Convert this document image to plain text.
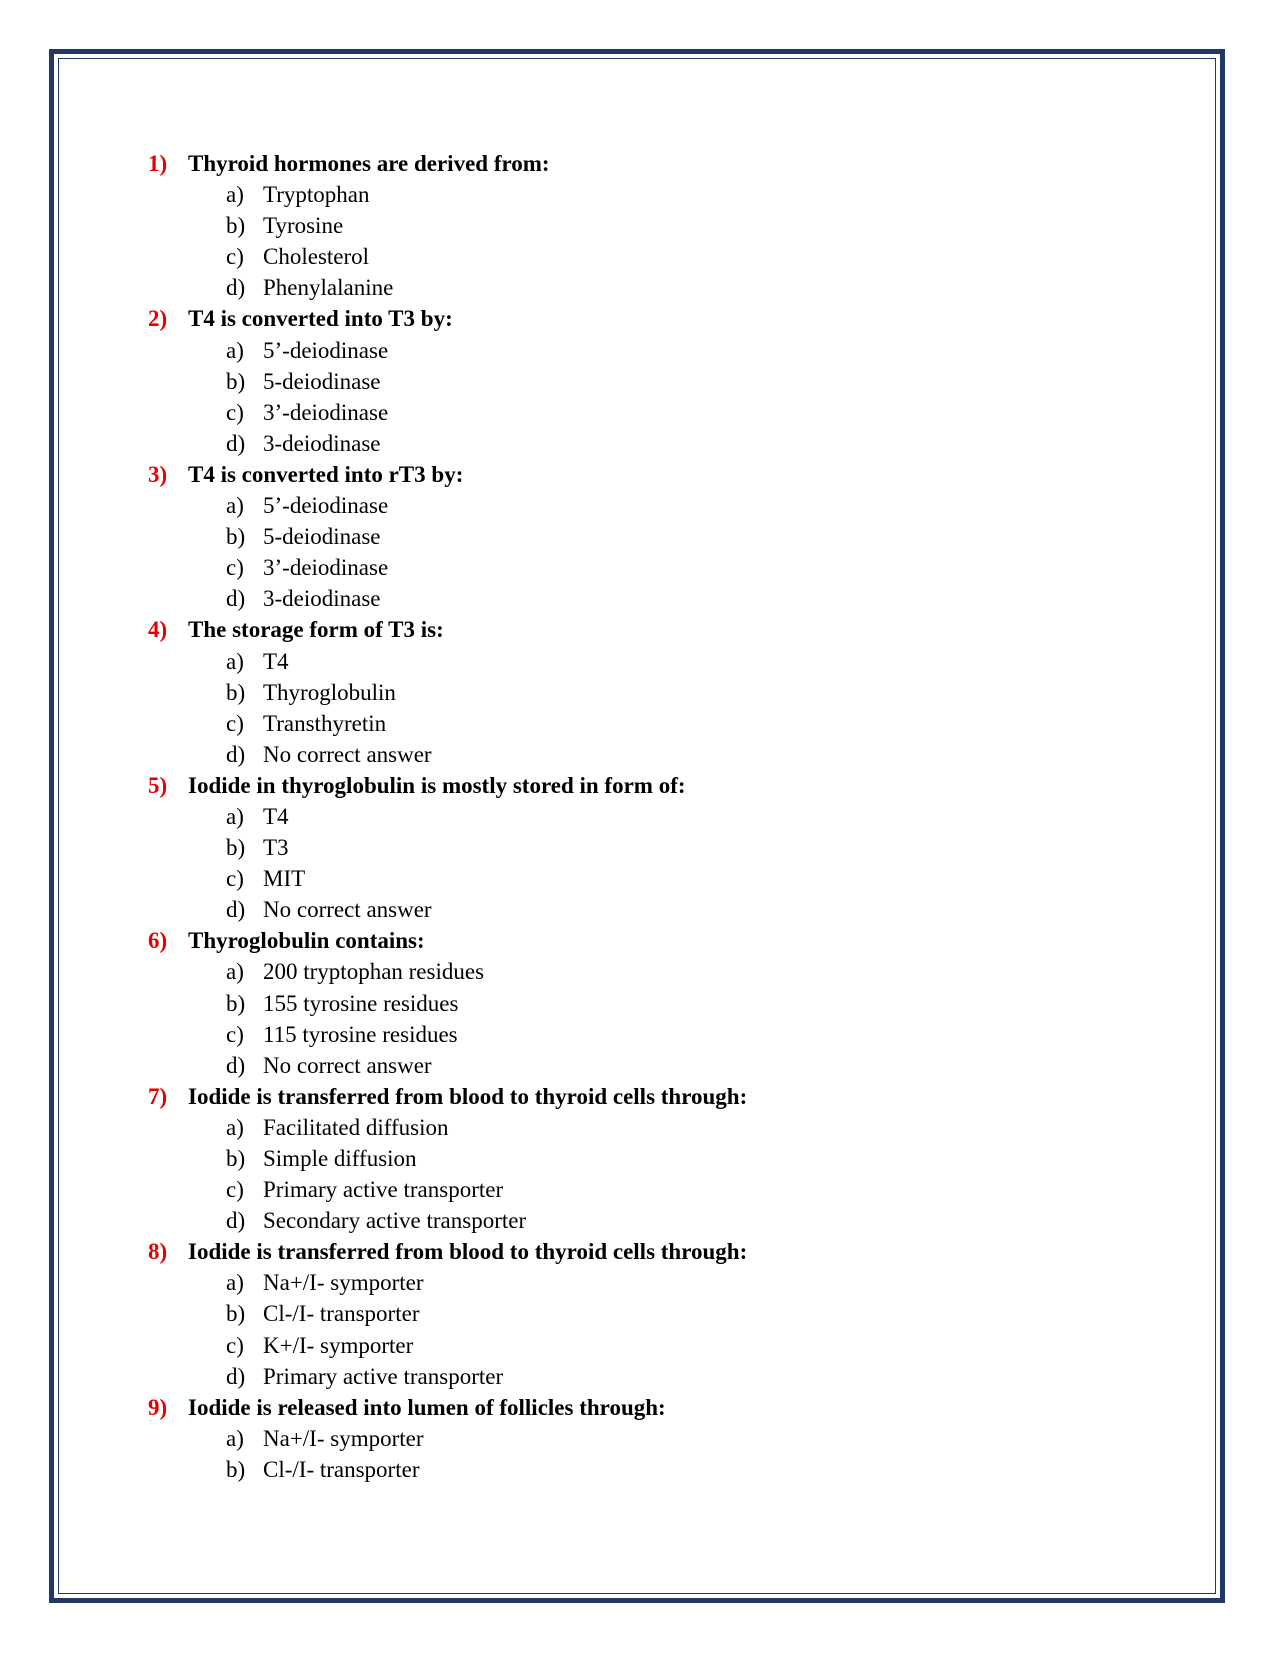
1) Thyroid hormones are derived from:
a) Tryptophan
b) Tyrosine
c) Cholesterol
d) Phenylalanine
2) T4 is converted into T3 by:
a) 5’-deiodinase
b) 5-deiodinase
c) 3’-deiodinase
d) 3-deiodinase
3) T4 is converted into rT3 by:
a) 5’-deiodinase
b) 5-deiodinase
c) 3’-deiodinase
d) 3-deiodinase
4) The storage form of T3 is:
a) T4
b) Thyroglobulin
c) Transthyretin
d) No correct answer
5) Iodide in thyroglobulin is mostly stored in form of:
a) T4
b) T3
c) MIT
d) No correct answer
6) Thyroglobulin contains:
a) 200 tryptophan residues
b) 155 tyrosine residues
c) 115 tyrosine residues
d) No correct answer
7) Iodide is transferred from blood to thyroid cells through:
a) Facilitated diffusion
b) Simple diffusion
c) Primary active transporter
d) Secondary active transporter
8) Iodide is transferred from blood to thyroid cells through:
a) Na+/I- symporter
b) Cl-/I- transporter
c) K+/I- symporter
d) Primary active transporter
9) Iodide is released into lumen of follicles through:
a) Na+/I- symporter
b) Cl-/I- transporter
